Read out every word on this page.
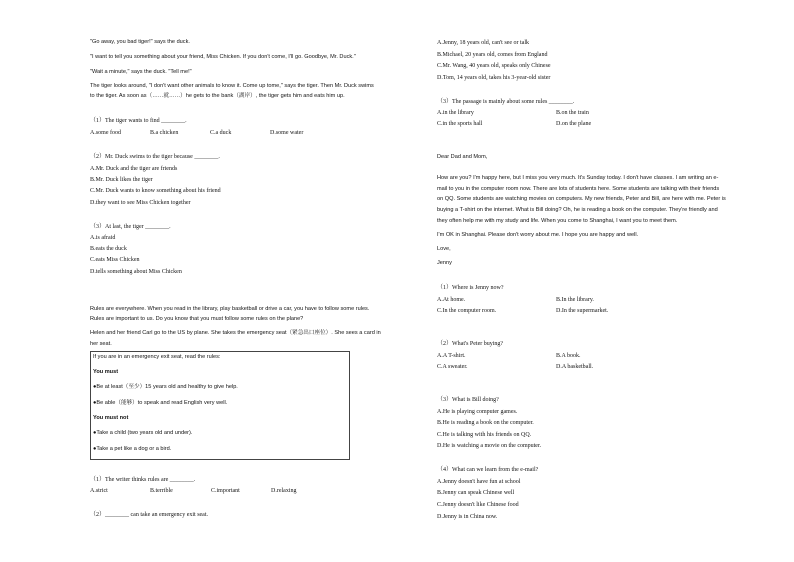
"Go away, you bad tiger!" says the duck.
"I want to tell you something about your friend, Miss Chicken. If you don't come, I'll go. Goodbye, Mr. Duck."
"Wait a minute," says the duck. "Tell me!"
The tiger looks around, "I don't want other animals to know it. Come up tome," says the tiger. Then Mr. Duck swims
to the tiger. As soon as（……就……）he gets to the bank（湖岸）, the tiger gets him and eats him up.
（1）The tiger wants to find ________.
A.some food	B.a chicken	C.a duck	D.some water
（2）Mr. Duck swims to the tiger because ________.
A.Mr. Duck and the tiger are friends
B.Mr. Duck likes the tiger
C.Mr. Duck wants to know something about his friend
D.they want to see Miss Chicken together
（3）At last, the tiger ________.
A.is afraid
B.eats the duck
C.eats Miss Chicken
D.tells something about Miss Chicken
Rules are everywhere. When you read in the library, play basketball or drive a car, you have to follow some rules.
Rules are important to us. Do you know that you must follow some rules on the plane?
Helen and her friend Carl go to the US by plane. She takes the emergency seat（紧急出口座位）. She sees a card in
her seat.
If you are in an emergency exit seat, read the rules:
You must
●Be at least（至少）15 years old and healthy to give help.
●Be able（能够）to speak and read English very well.
You must not
●Take a child (two years old and under).
●Take a pet like a dog or a bird.
（1）The writer thinks rules are ________.
A.strict	B.terrible	C.important	D.relaxing
（2）________ can take an emergency exit seat.
A.Jenny, 18 years old, can't see or talk
B.Michael, 20 years old, comes from England
C.Mr. Wang, 40 years old, speaks only Chinese
D.Tom, 14 years old, takes his 3-year-old sister
（3）The passage is mainly about some rules ________.
A.in the library	B.on the train
C.in the sports hall	D.on the plane
Dear Dad and Mom,
How are you? I'm happy here, but I miss you very much. It's Sunday today. I don't have classes. I am writing an e-
mail to you in the computer room now. There are lots of students here. Some students are talking with their friends
on QQ. Some students are watching movies on computers. My new friends, Peter and Bill, are here with me. Peter is
buying a T-shirt on the internet. What is Bill doing? Oh, he is reading a book on the computer. They're friendly and
they often help me with my study and life. When you come to Shanghai, I want you to meet them.
I'm OK in Shanghai. Please don't worry about me. I hope you are happy and well.
Love,
Jenny
（1）Where is Jenny now?
A.At home.	B.In the library.
C.In the computer room.	D.In the supermarket.
（2）What's Peter buying?
A.A T-shirt.	B.A book.
C.A sweater.	D.A basketball.
（3）What is Bill doing?
A.He is playing computer games.
B.He is reading a book on the computer.
C.He is talking with his friends on QQ.
D.He is watching a movie on the computer.
（4）What can we learn from the e-mail?
A.Jenny doesn't have fun at school
B.Jenny can speak Chinese well
C.Jenny doesn't like Chinese food
D.Jenny is in China now.
